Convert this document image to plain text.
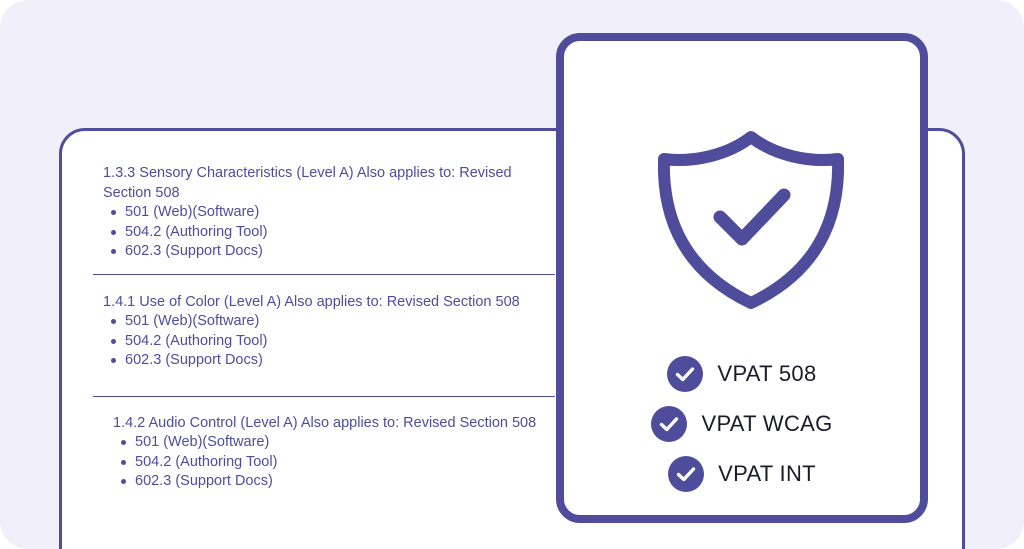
1.3.3 Sensory Characteristics (Level A) Also applies to: Revised Section 508

501 (Web)(Software)
504.2 (Authoring Tool)
602.3 (Support Docs)

1.4.1 Use of Color (Level A) Also applies to: Revised Section 508

501 (Web)(Software)
504.2 (Authoring Tool)
602.3 (Support Docs)

1.4.2 Audio Control (Level A) Also applies to: Revised Section 508

501 (Web)(Software)
504.2 (Authoring Tool)
602.3 (Support Docs)
VPAT 508
VPAT WCAG
VPAT INT
